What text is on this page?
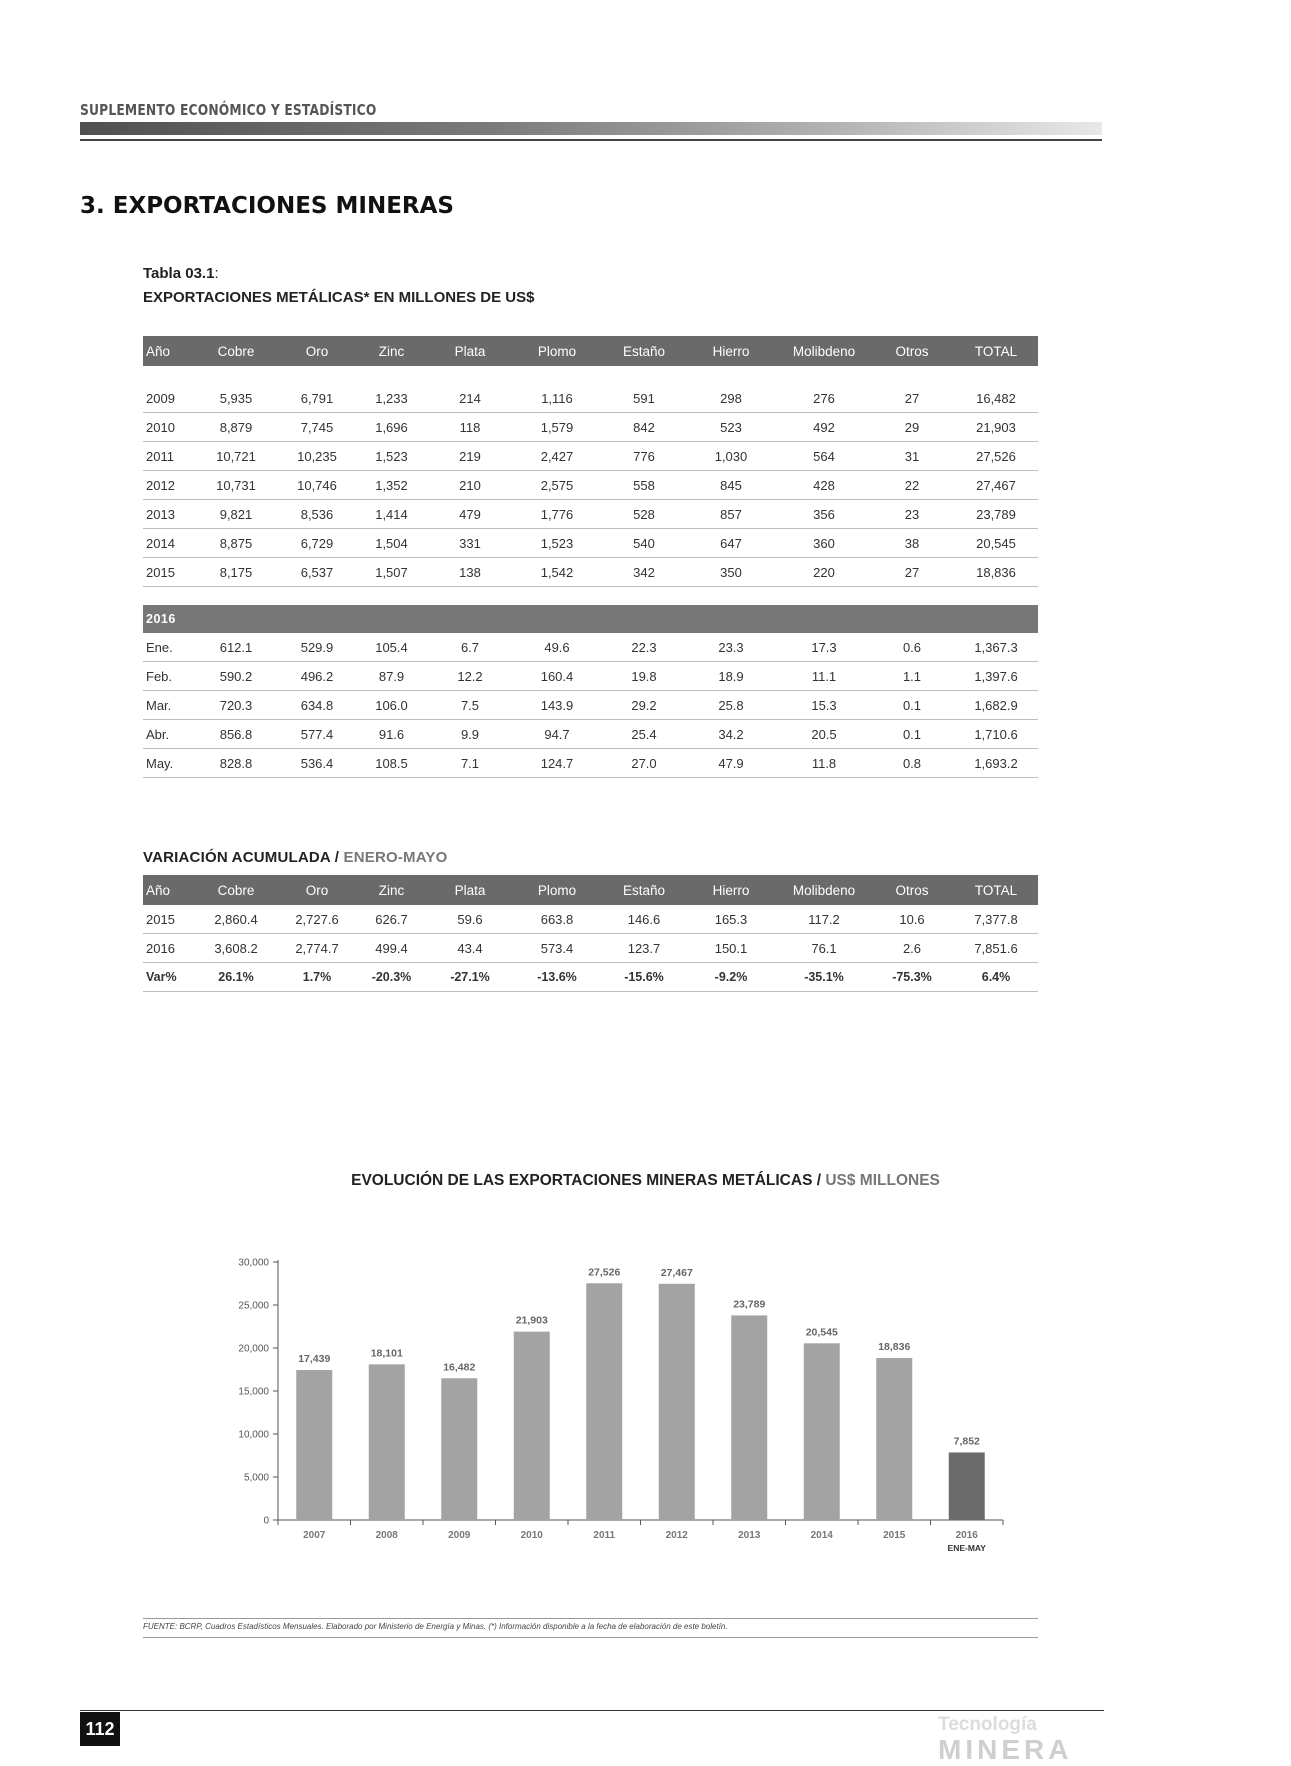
SUPLEMENTO ECONÓMICO Y ESTADÍSTICO
3. EXPORTACIONES MINERAS
Tabla 03.1:
EXPORTACIONES METÁLICAS* EN MILLONES DE US$
Año	Cobre	Oro	Zinc	Plata	Plomo	Estaño	Hierro	Molibdeno	Otros	TOTAL

2009	5,935	6,791	1,233	214	1,116	591	298	276	27	16,482
2010	8,879	7,745	1,696	118	1,579	842	523	492	29	21,903
2011	10,721	10,235	1,523	219	2,427	776	1,030	564	31	27,526
2012	10,731	10,746	1,352	210	2,575	558	845	428	22	27,467
2013	9,821	8,536	1,414	479	1,776	528	857	356	23	23,789
2014	8,875	6,729	1,504	331	1,523	540	647	360	38	20,545
2015	8,175	6,537	1,507	138	1,542	342	350	220	27	18,836

2016										
Ene.	612.1	529.9	105.4	6.7	49.6	22.3	23.3	17.3	0.6	1,367.3
Feb.	590.2	496.2	87.9	12.2	160.4	19.8	18.9	11.1	1.1	1,397.6
Mar.	720.3	634.8	106.0	7.5	143.9	29.2	25.8	15.3	0.1	1,682.9
Abr.	856.8	577.4	91.6	9.9	94.7	25.4	34.2	20.5	0.1	1,710.6
May.	828.8	536.4	108.5	7.1	124.7	27.0	47.9	11.8	0.8	1,693.2
VARIACIÓN ACUMULADA / ENERO-MAYO
Año	Cobre	Oro	Zinc	Plata	Plomo	Estaño	Hierro	Molibdeno	Otros	TOTAL
2015	2,860.4	2,727.6	626.7	59.6	663.8	146.6	165.3	117.2	10.6	7,377.8
2016	3,608.2	2,774.7	499.4	43.4	573.4	123.7	150.1	76.1	2.6	7,851.6
Var%	26.1%	1.7%	-20.3%	-27.1%	-13.6%	-15.6%	-9.2%	-35.1%	-75.3%	6.4%
EVOLUCIÓN DE LAS EXPORTACIONES MINERAS METÁLICAS / US$ MILLONES
0
5,000
10,000
15,000
20,000
25,000
30,000
17,439
2007
18,101
2008
16,482
2009
21,903
2010
27,526
2011
27,467
2012
23,789
2013
20,545
2014
18,836
2015
7,852
2016
ENE-MAY
FUENTE: BCRP, Cuadros Estadísticos Mensuales. Elaborado por Ministerio de Energía y Minas. (*) Información disponible a la fecha de elaboración de este boletín.
112	Tecnología
MINERA
